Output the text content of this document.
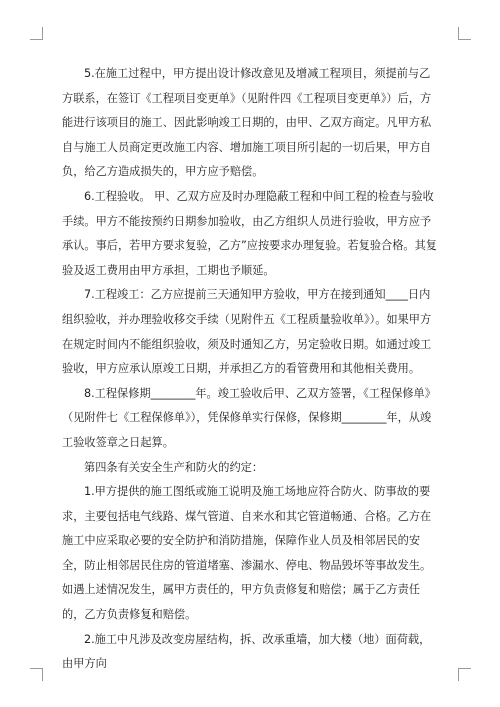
5.在施工过程中，甲方提出设计修改意见及增减工程项目，须提前与乙方联系，在签订《工程项目变更单》（见附件四《工程项目变更单》）后，方能进行该项目的施工、因此影响竣工日期的，由甲、乙双方商定。凡甲方私自与施工人员商定更改施工内容、增加施工项目所引起的一切后果，甲方自负，给乙方造成损失的，甲方应予赔偿。

6.工程验收。 甲、乙双方应及时办理隐蔽工程和中间工程的检查与验收手续。甲方不能按预约日期参加验收，由乙方组织人员进行验收，甲方应予承认。事后，若甲方要求复验，乙方”应按要求办理复验。若复验合格。其复验及返工费用由甲方承担，工期也予顺延。

7.工程竣工：乙方应提前三天通知甲方验收，甲方在接到通知____日内组织验收，并办理验收移交手续（见附件五《工程质量验收单》）。如果甲方在规定时间内不能组织验收，须及时通知乙方，另定验收日期。如通过竣工验收，甲方应承认原竣工日期，并承担乙方的看管费用和其他相关费用。

8.工程保修期________年。竣工验收后甲、乙双方签署，《工程保修单》（见附件七《工程保修单》），凭保修单实行保修，保修期________年，从竣工验收签章之日起算。

第四条有关安全生产和防火的约定：

1.甲方提供的施工图纸或施工说明及施工场地应符合防火、防事故的要求，主要包括电气线路、煤气管道、自来水和其它管道畅通、合格。乙方在施工中应采取必要的安全防护和消防措施，保障作业人员及相邻居民的安全，防止相邻居民住房的管道堵塞、渗漏水、停电、物品毁坏等事故发生。如遇上述情况发生，属甲方责任的，甲方负责修复和赔偿；属于乙方责任的，乙方负责修复和赔偿。

2.施工中凡涉及改变房屋结构，拆、改承重墙，加大楼（地）面荷载，由甲方向
